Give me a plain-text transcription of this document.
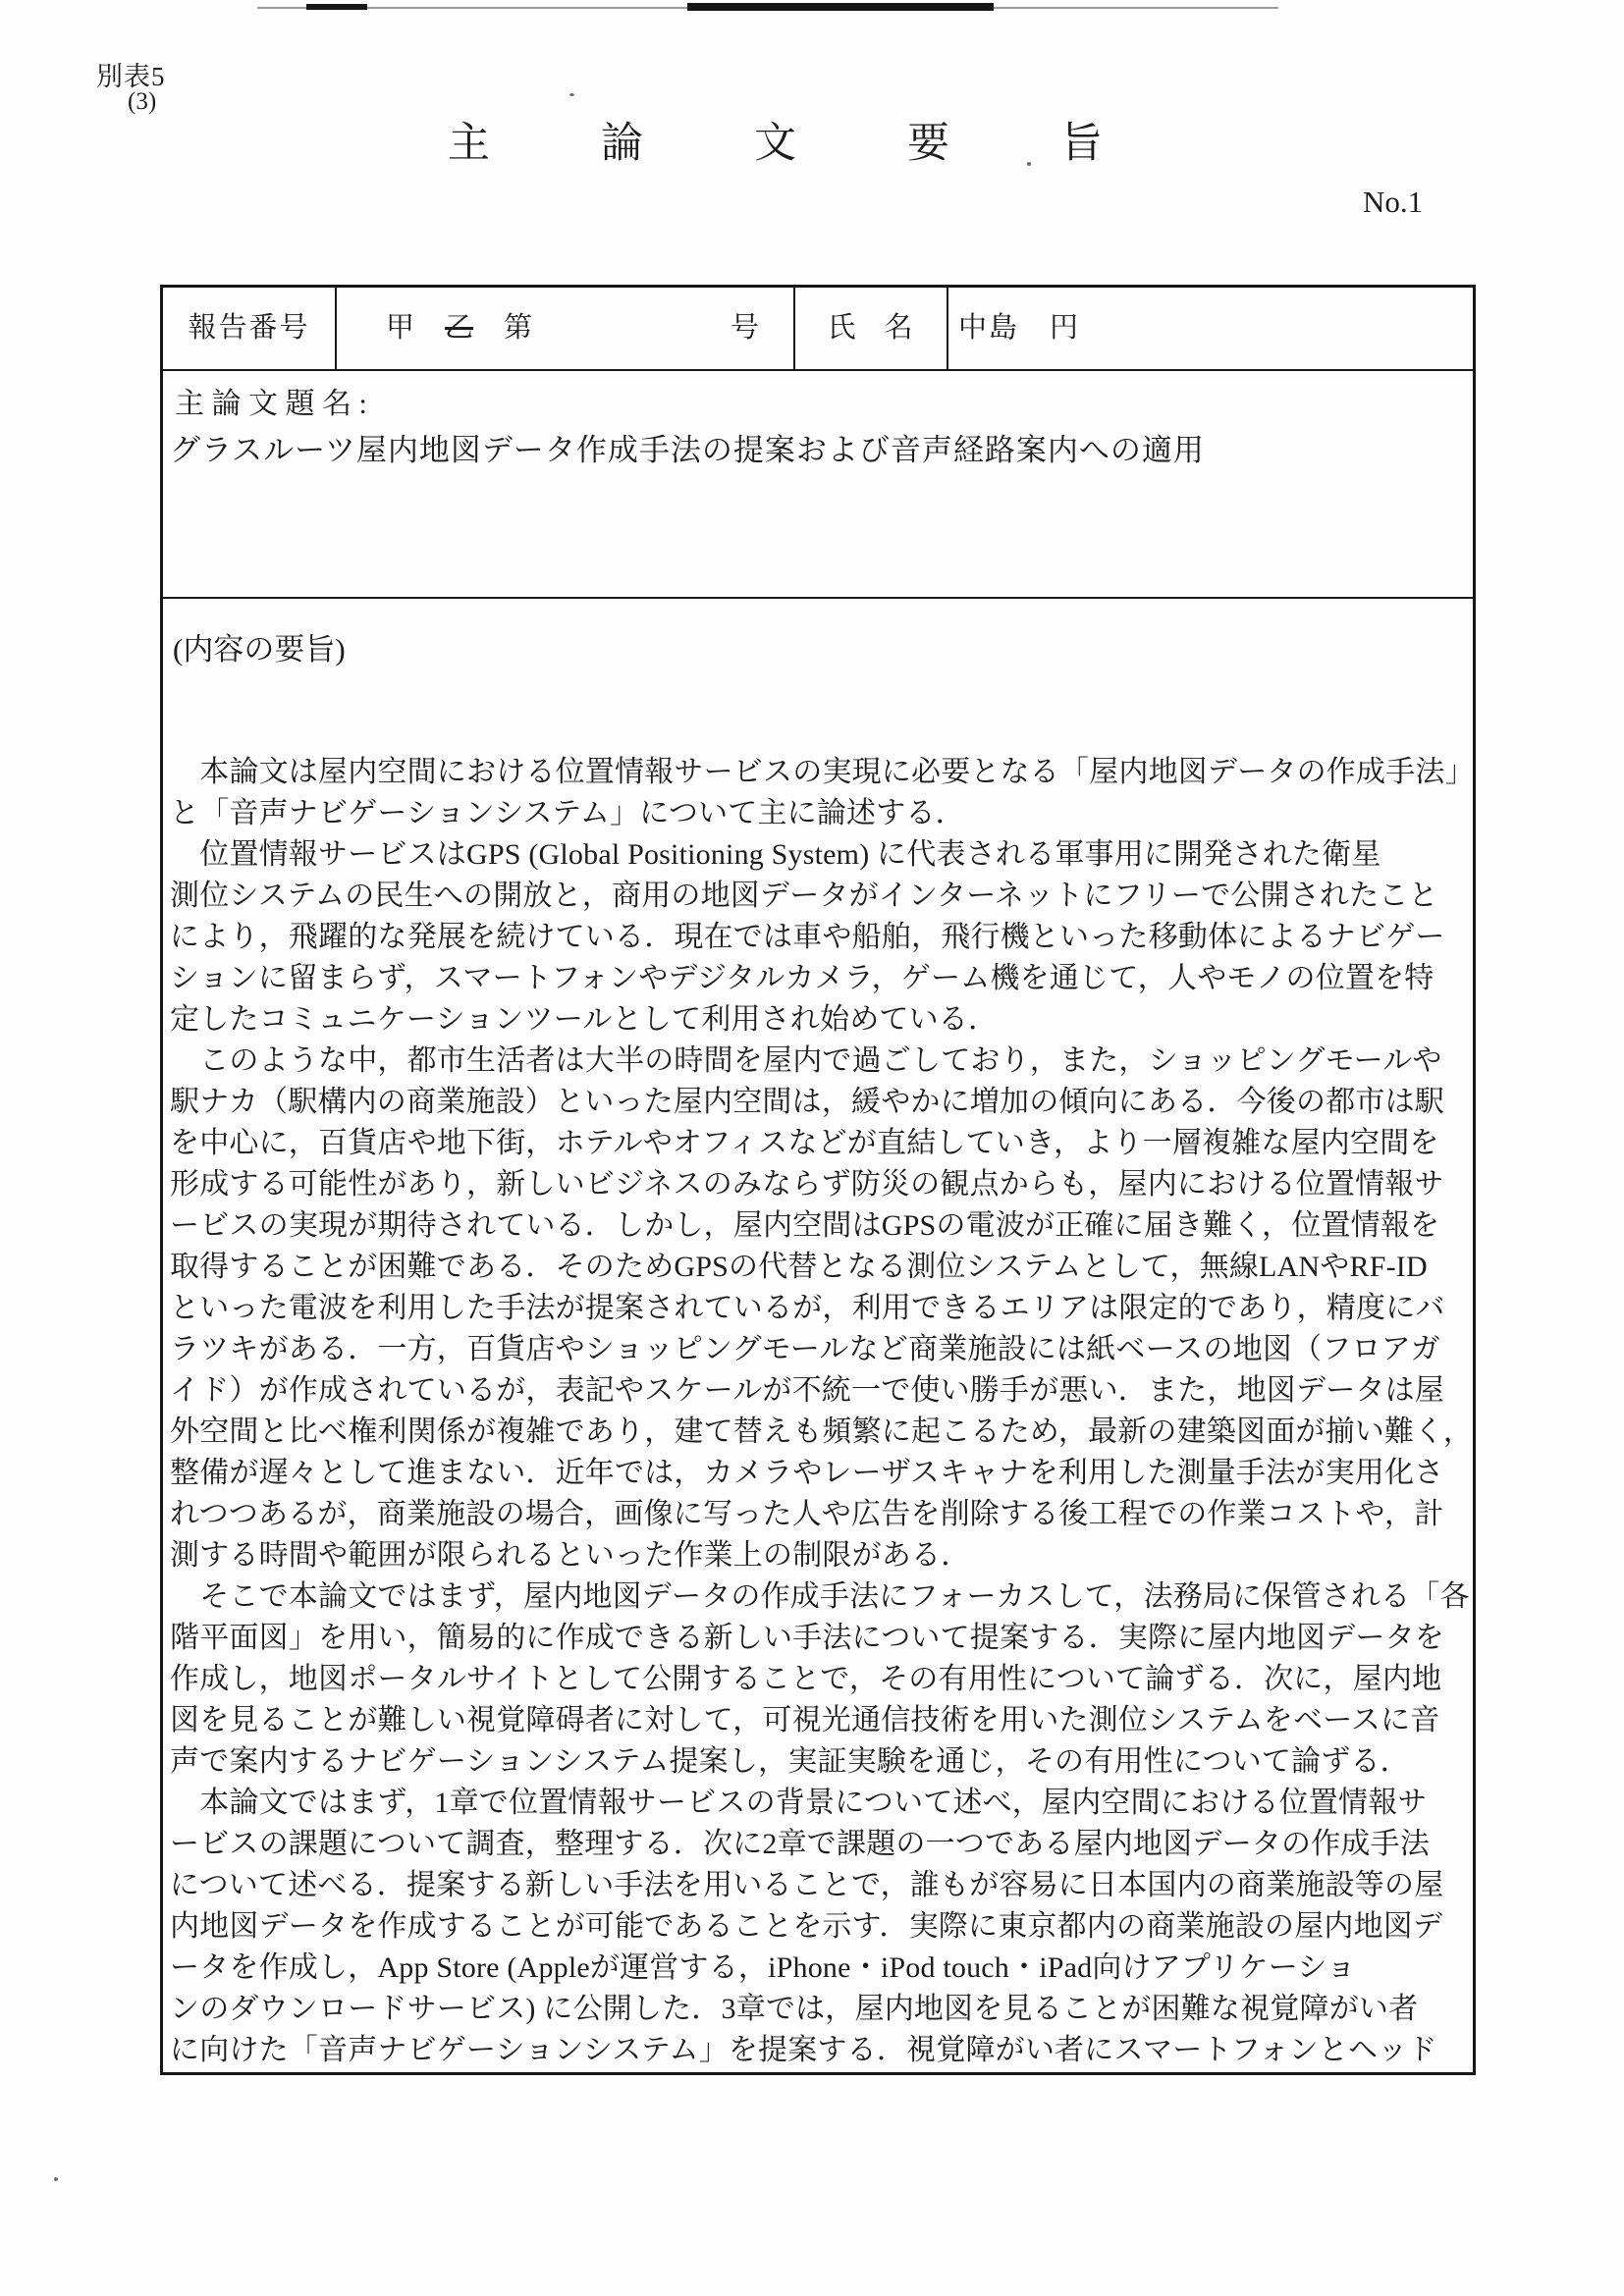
別表5
(3)
主論文要旨
No.1
報告番号	甲 乙 第	号	氏　名	中島　円
主 論 文 題 名 :
グラスルーツ屋内地図データ作成手法の提案および音声経路案内への適用
(内容の要旨)
　本論文は屋内空間における位置情報サービスの実現に必要となる「屋内地図データの作成手法」
と「音声ナビゲーションシステム」について主に論述する．
　位置情報サービスはGPS (Global Positioning System) に代表される軍事用に開発された衛星
測位システムの民生への開放と，商用の地図データがインターネットにフリーで公開されたこと
により，飛躍的な発展を続けている．現在では車や船舶，飛行機といった移動体によるナビゲー
ションに留まらず，スマートフォンやデジタルカメラ，ゲーム機を通じて，人やモノの位置を特
定したコミュニケーションツールとして利用され始めている．
　このような中，都市生活者は大半の時間を屋内で過ごしており，また，ショッピングモールや
駅ナカ（駅構内の商業施設）といった屋内空間は，緩やかに増加の傾向にある．今後の都市は駅
を中心に，百貨店や地下街，ホテルやオフィスなどが直結していき，より一層複雑な屋内空間を
形成する可能性があり，新しいビジネスのみならず防災の観点からも，屋内における位置情報サ
ービスの実現が期待されている．しかし，屋内空間はGPSの電波が正確に届き難く，位置情報を
取得することが困難である．そのためGPSの代替となる測位システムとして，無線LANやRF-ID
といった電波を利用した手法が提案されているが，利用できるエリアは限定的であり，精度にバ
ラツキがある．一方，百貨店やショッピングモールなど商業施設には紙ベースの地図（フロアガ
イド）が作成されているが，表記やスケールが不統一で使い勝手が悪い．また，地図データは屋
外空間と比べ権利関係が複雑であり，建て替えも頻繁に起こるため，最新の建築図面が揃い難く，
整備が遅々として進まない．近年では，カメラやレーザスキャナを利用した測量手法が実用化さ
れつつあるが，商業施設の場合，画像に写った人や広告を削除する後工程での作業コストや，計
測する時間や範囲が限られるといった作業上の制限がある．
　そこで本論文ではまず，屋内地図データの作成手法にフォーカスして，法務局に保管される「各
階平面図」を用い，簡易的に作成できる新しい手法について提案する．実際に屋内地図データを
作成し，地図ポータルサイトとして公開することで，その有用性について論ずる．次に，屋内地
図を見ることが難しい視覚障碍者に対して，可視光通信技術を用いた測位システムをベースに音
声で案内するナビゲーションシステム提案し，実証実験を通じ，その有用性について論ずる．
　本論文ではまず，1章で位置情報サービスの背景について述べ，屋内空間における位置情報サ
ービスの課題について調査，整理する．次に2章で課題の一つである屋内地図データの作成手法
について述べる．提案する新しい手法を用いることで，誰もが容易に日本国内の商業施設等の屋
内地図データを作成することが可能であることを示す．実際に東京都内の商業施設の屋内地図デ
ータを作成し，App Store (Appleが運営する，iPhone・iPod touch・iPad向けアプリケーショ
ンのダウンロードサービス) に公開した．3章では，屋内地図を見ることが困難な視覚障がい者
に向けた「音声ナビゲーションシステム」を提案する．視覚障がい者にスマートフォンとヘッド
